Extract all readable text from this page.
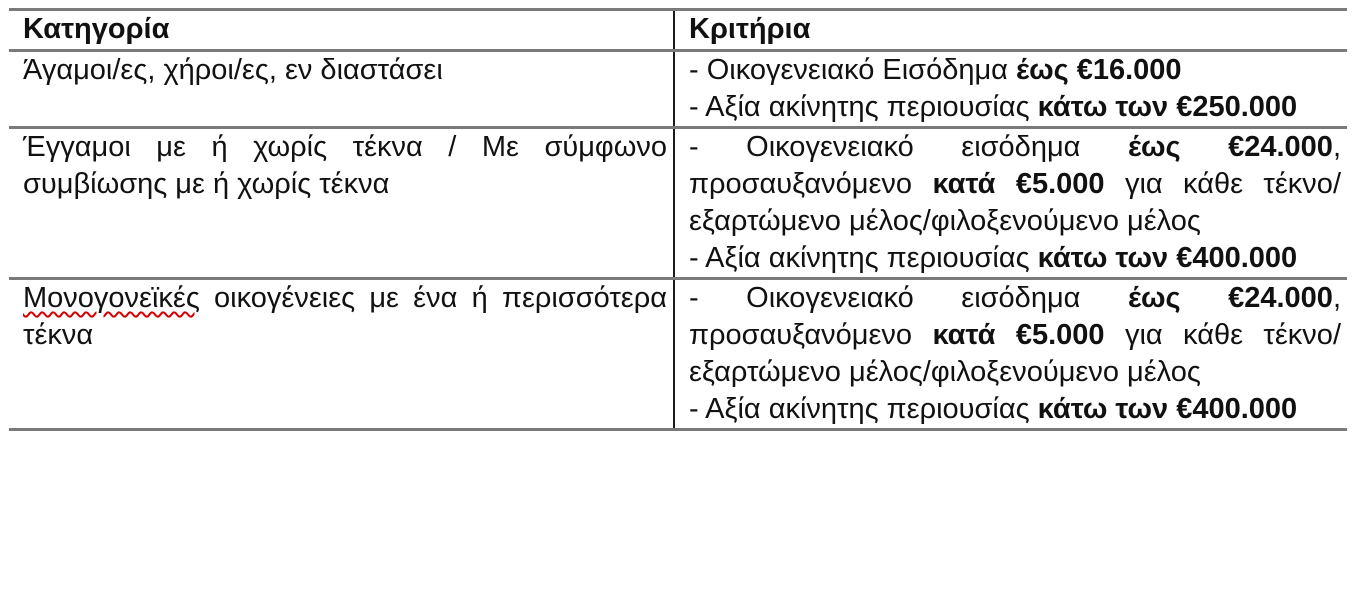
Κατηγορία	Κριτήρια
Άγαμοι/ες, χήροι/ες, εν διαστάσει	- Οικογενειακό Εισόδημα έως €16.000
- Αξία ακίνητης περιουσίας κάτω των €250.000
Έγγαμοι με ή χωρίς τέκνα / Με σύμφωνο συμβίωσης με ή χωρίς τέκνα	- Οικογενειακό εισόδημα έως €24.000, προσαυξανόμενο κατά €5.000 για κάθε τέκνο/εξαρτώμενο μέλος/φιλοξενούμενο μέλος
- Αξία ακίνητης περιουσίας κάτω των €400.000
Μονογονεϊκές οικογένειες με ένα ή περισσότερα τέκνα	- Οικογενειακό εισόδημα έως €24.000, προσαυξανόμενο κατά €5.000 για κάθε τέκνο/εξαρτώμενο μέλος/φιλοξενούμενο μέλος
- Αξία ακίνητης περιουσίας κάτω των €400.000
